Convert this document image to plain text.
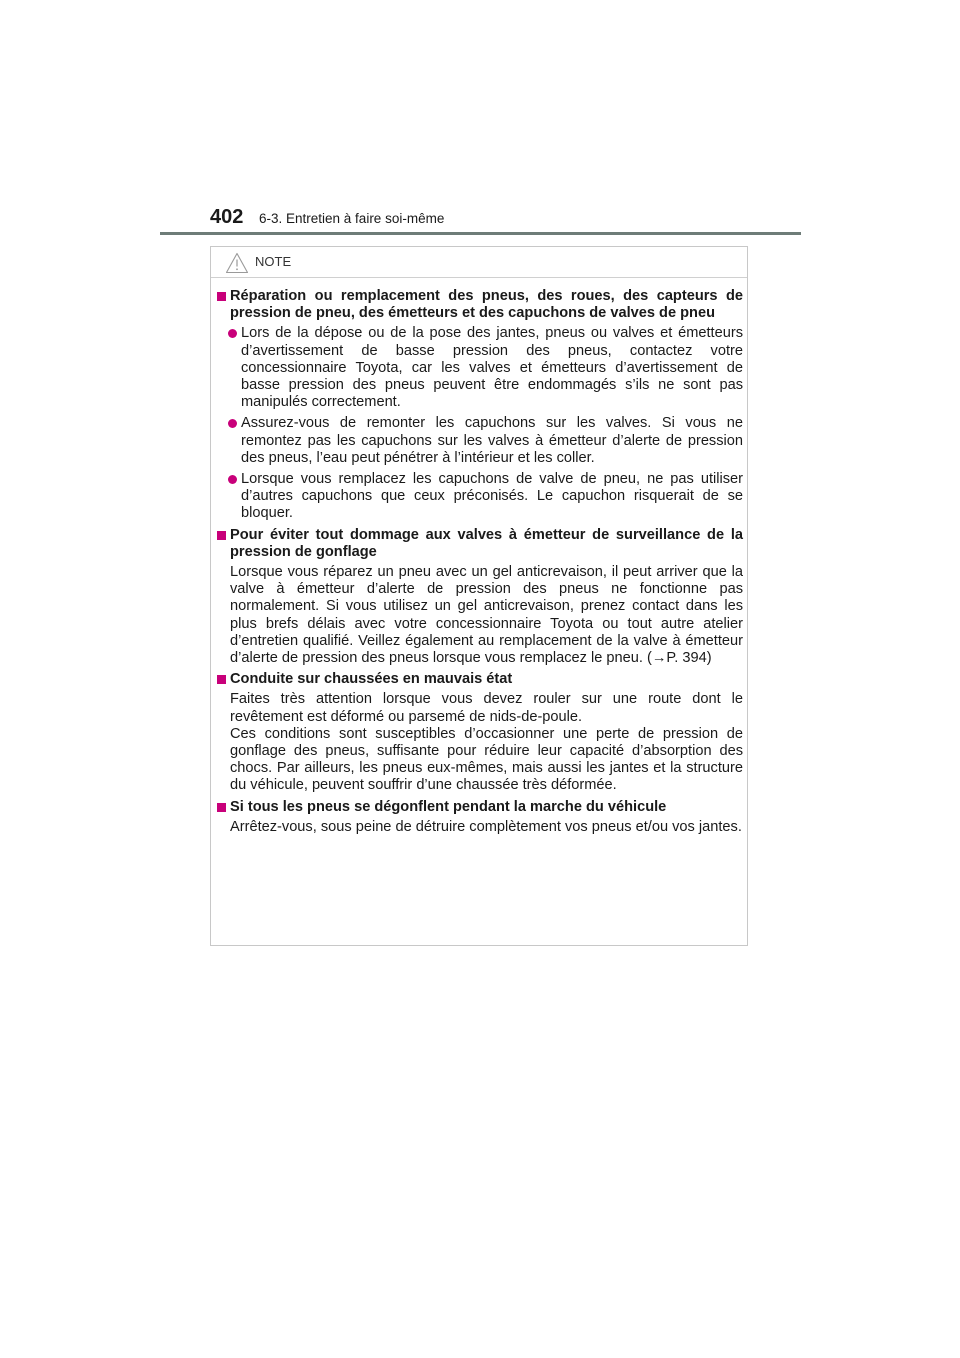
402 6-3. Entretien à faire soi-même
NOTE
Réparation ou remplacement des pneus, des roues, des capteurs de pression de pneu, des émetteurs et des capuchons de valves de pneu
Lors de la dépose ou de la pose des jantes, pneus ou valves et émetteurs d’avertissement de basse pression des pneus, contactez votre concessionnaire Toyota, car les valves et émetteurs d’avertissement de basse pression des pneus peuvent être endommagés s’ils ne sont pas manipulés correctement.
Assurez-vous de remonter les capuchons sur les valves. Si vous ne remontez pas les capuchons sur les valves à émetteur d’alerte de pression des pneus, l’eau peut pénétrer à l’intérieur et les coller.
Lorsque vous remplacez les capuchons de valve de pneu, ne pas utiliser d’autres capuchons que ceux préconisés. Le capuchon risquerait de se bloquer.
Pour éviter tout dommage aux valves à émetteur de surveillance de la pression de gonflage
Lorsque vous réparez un pneu avec un gel anticrevaison, il peut arriver que la valve à émetteur d’alerte de pression des pneus ne fonctionne pas normalement. Si vous utilisez un gel anticrevaison, prenez contact dans les plus brefs délais avec votre concessionnaire Toyota ou tout autre atelier d’entretien qualifié. Veillez également au remplacement de la valve à émetteur d’alerte de pression des pneus lorsque vous remplacez le pneu. (→P. 394)
Conduite sur chaussées en mauvais état
Faites très attention lorsque vous devez rouler sur une route dont le revêtement est déformé ou parsemé de nids-de-poule.
Ces conditions sont susceptibles d’occasionner une perte de pression de gonflage des pneus, suffisante pour réduire leur capacité d’absorption des chocs. Par ailleurs, les pneus eux-mêmes, mais aussi les jantes et la structure du véhicule, peuvent souffrir d’une chaussée très déformée.
Si tous les pneus se dégonflent pendant la marche du véhicule
Arrêtez-vous, sous peine de détruire complètement vos pneus et/ou vos jantes.
